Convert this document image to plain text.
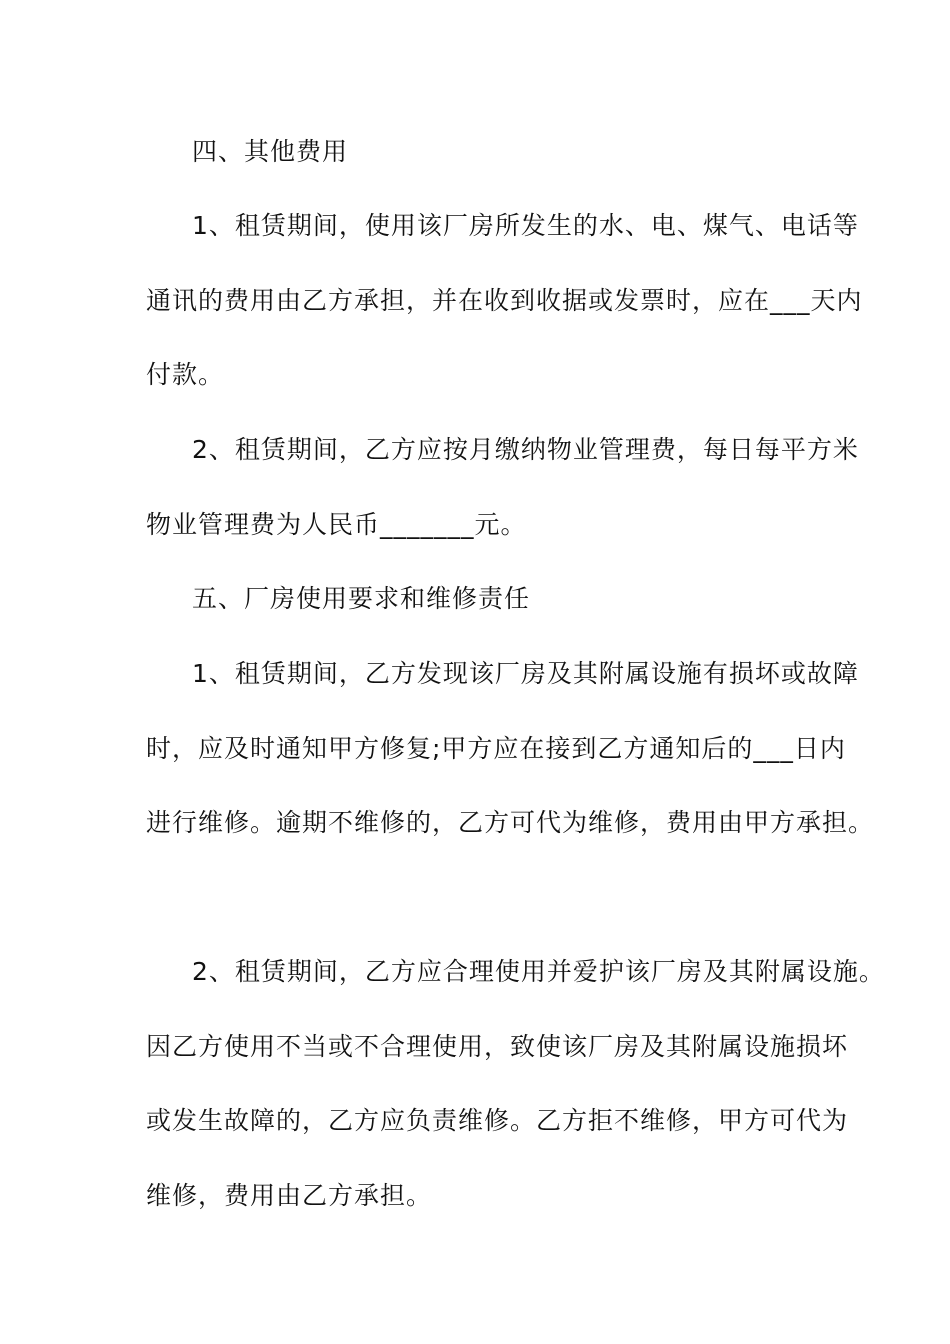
四、其他费用

1、租赁期间，使用该厂房所发生的水、电、煤气、电话等

通讯的费用由乙方承担，并在收到收据或发票时，应在___天内

付款。

2、租赁期间，乙方应按月缴纳物业管理费，每日每平方米

物业管理费为人民币_______元。

五、厂房使用要求和维修责任

1、租赁期间，乙方发现该厂房及其附属设施有损坏或故障

时，应及时通知甲方修复;甲方应在接到乙方通知后的___日内

进行维修。逾期不维修的，乙方可代为维修，费用由甲方承担。

2、租赁期间，乙方应合理使用并爱护该厂房及其附属设施。

因乙方使用不当或不合理使用，致使该厂房及其附属设施损坏

或发生故障的，乙方应负责维修。乙方拒不维修，甲方可代为

维修，费用由乙方承担。
